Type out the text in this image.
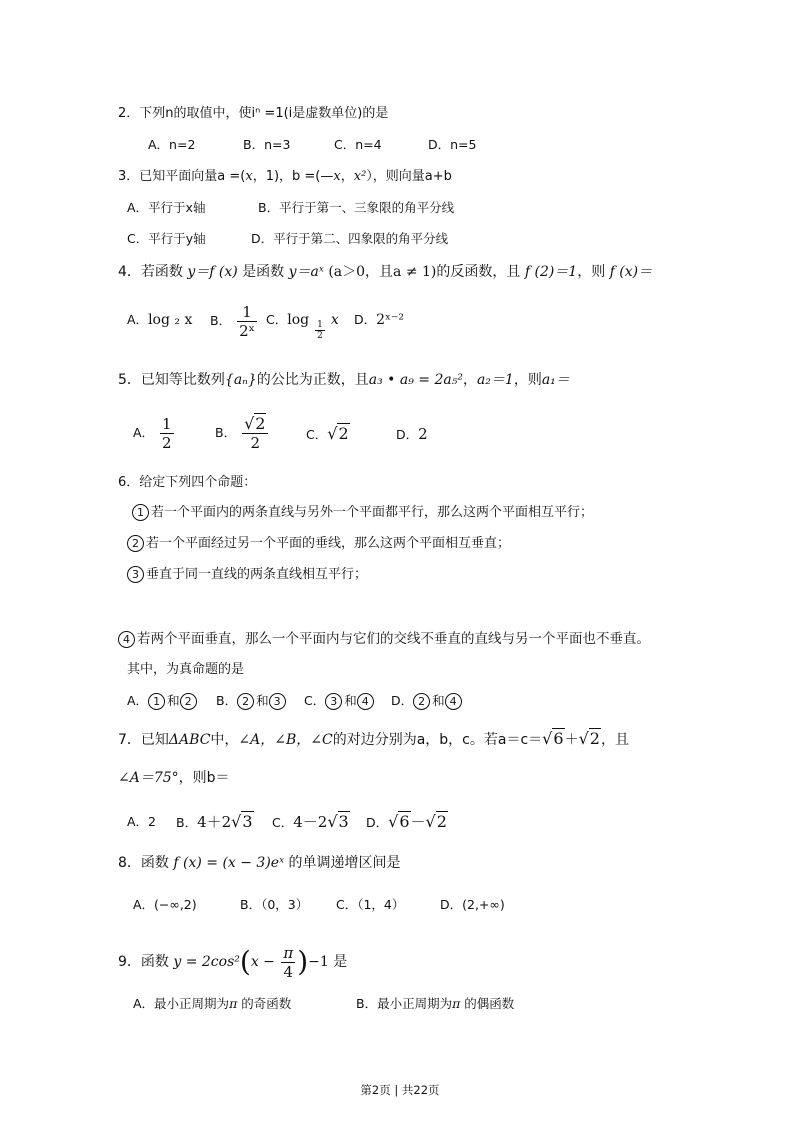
2．下列n的取值中，使iⁿ =1(i是虚数单位)的是
A．n=2	B．n=3	C．n=4	D．n=5
3．已知平面向量a =(x，1)，b =(—x，x²），则向量a+b
A．平行于x轴	B．平行于第一、三象限的角平分线
C．平行于y轴	D．平行于第二、四象限的角平分线
4．若函数 y＝f (x) 是函数 y＝aˣ (a＞0，且a ≠ 1)的反函数，且 f (2)＝1，则 f (x)＝
A．log ₂ x B． $\frac{1}{\text{2ˣ}}$ C．$\log \frac{1}{2}$ x D．2ˣ⁻²
5．已知等比数列{aₙ}的公比为正数，且a₃ • a₉ = 2a₅²，a₂＝1，则a₁＝
A． $\frac{1}{2}$	B． $\frac{√2}{2}$	C．√2	D．2
6．给定下列四个命题：
1 若一个平面内的两条直线与另外一个平面都平行，那么这两个平面相互平行；
2 若一个平面经过另一个平面的垂线，那么这两个平面相互垂直；
3 垂直于同一直线的两条直线相互平行；
4 若两个平面垂直，那么一个平面内与它们的交线不垂直的直线与另一个平面也不垂直。
其中，为真命题的是
A． 1 和 2	B． 2 和 3	C． 3 和 4	D． 2 和 4
7．已知ΔABC中，∠A，∠B，∠C的对边分别为a，b，c。若a＝c＝√6＋√2，且
∠A＝75°，则b＝
A．2 B．4＋2√3 C．4－2√3 D．√6－√2
8．函数 f (x) = (x − 3)eˣ 的单调递增区间是
A．(−∞,2)	B．（0，3） C．（1，4）	D．(2,+∞)
9．函数 $y = 2\cos^2(x - \frac{\pi}{4} )-1$ 是
A．最小正周期为π 的奇函数	B．最小正周期为π 的偶函数
第2页 | 共22页
